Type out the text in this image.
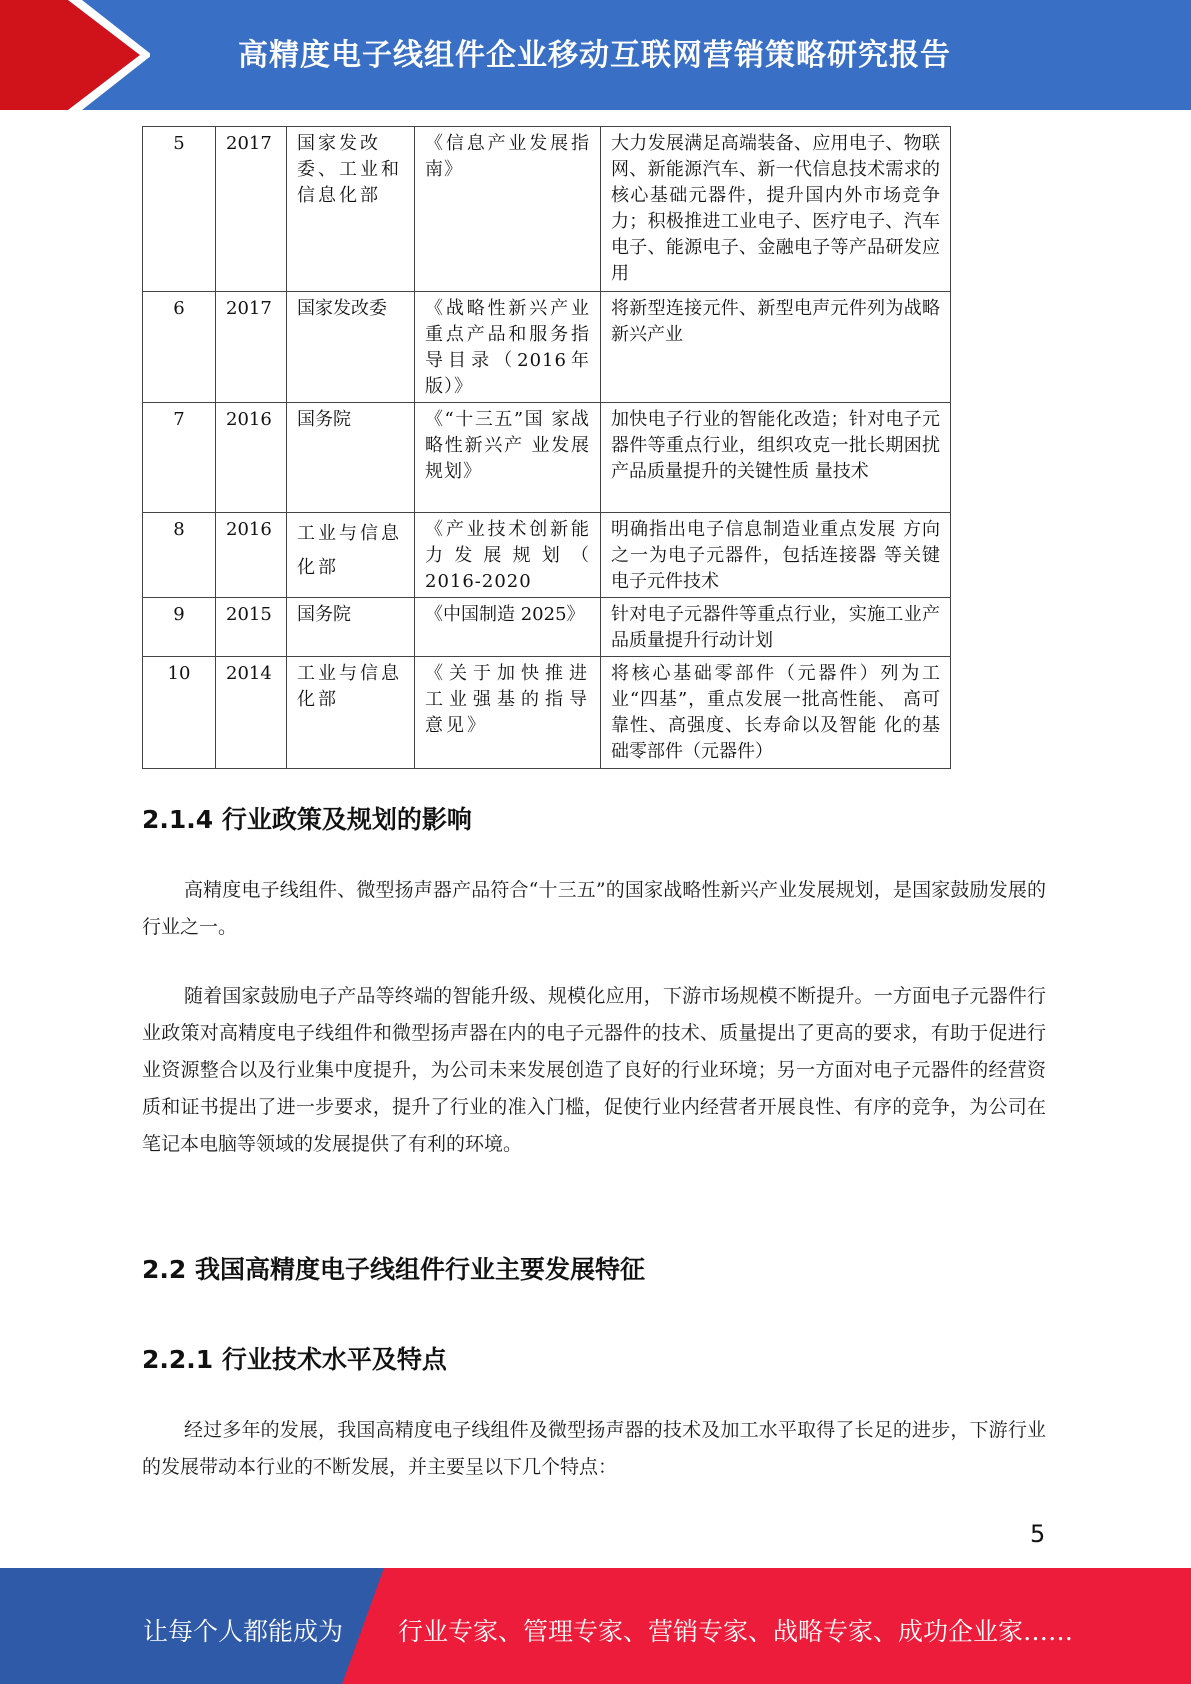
高精度电子线组件企业移动互联网营销策略研究报告
5	2017	国家发改委、工业和信息化部	《信息产业发展指南》	大力发展满足高端装备、应用电子、物联网、新能源汽车、新一代信息技术需求的核心基础元器件，提升国内外市场竞争力；积极推进工业电子、医疗电子、汽车电子、能源电子、金融电子等产品研发应用
6	2017	国家发改委	《战略性新兴产业重点产品和服务指导目录（2016年版）》	将新型连接元件、新型电声元件列为战略新兴产业
7	2016	国务院	《“十三五”国 家战略性新兴产 业发展规划》	加快电子行业的智能化改造；针对电子元器件等重点行业，组织攻克一批长期困扰产品质量提升的关键性质 量技术
8	2016	工业与信息化部	《产业技术创新能力发展规划（ 2016-2020	明确指出电子信息制造业重点发展 方向之一为电子元器件，包括连接器 等关键电子元件技术
9	2015	国务院	《中国制造 2025》	针对电子元器件等重点行业，实施工业产品质量提升行动计划
10	2014	工业与信息化部	《关于加快推进工业强基的指导意见》	将核心基础零部件（元器件）列为工业“四基”，重点发展一批高性能、 高可靠性、高强度、长寿命以及智能 化的基础零部件（元器件）
2.1.4 行业政策及规划的影响

高精度电子线组件、微型扬声器产品符合“十三五”的国家战略性新兴产业发展规划，是国家鼓励发展的行业之一。

随着国家鼓励电子产品等终端的智能升级、规模化应用，下游市场规模不断提升。一方面电子元器件行业政策对高精度电子线组件和微型扬声器在内的电子元器件的技术、质量提出了更高的要求，有助于促进行业资源整合以及行业集中度提升，为公司未来发展创造了良好的行业环境；另一方面对电子元器件的经营资质和证书提出了进一步要求，提升了行业的准入门槛，促使行业内经营者开展良性、有序的竞争，为公司在笔记本电脑等领域的发展提供了有利的环境。

2.2 我国高精度电子线组件行业主要发展特征
2.2.1 行业技术水平及特点

经过多年的发展，我国高精度电子线组件及微型扬声器的技术及加工水平取得了长足的进步，下游行业的发展带动本行业的不断发展，并主要呈以下几个特点：

5
让每个人都能成为 行业专家、管理专家、营销专家、战略专家、成功企业家……
